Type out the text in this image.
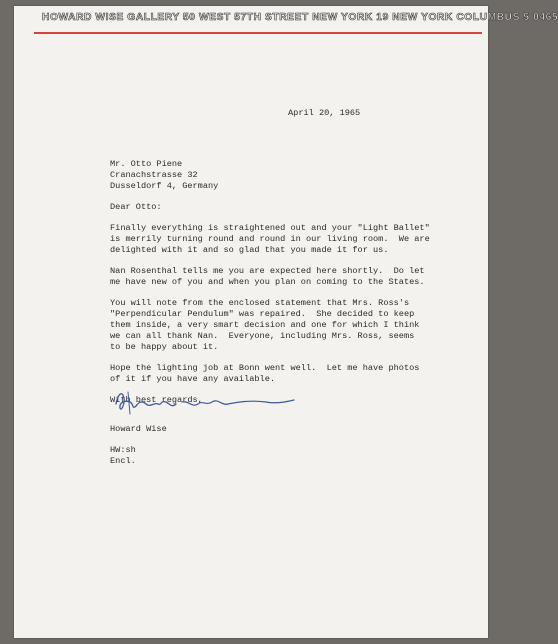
HOWARD WISE GALLERY 50 WEST 57TH STREET NEW YORK 19 NEW YORK COLUMBUS 5 0465

April 20, 1965

Mr. Otto Piene

Cranachstrasse 32

Dusseldorf 4, Germany

Dear Otto:

Finally everything is straightened out and your "Light Ballet"

is merrily turning round and round in our living room.  We are

delighted with it and so glad that you made it for us.

Nan Rosenthal tells me you are expected here shortly.  Do let

me have new of you and when you plan on coming to the States.

You will note from the enclosed statement that Mrs. Ross's

"Perpendicular Pendulum" was repaired.  She decided to keep

them inside, a very smart decision and one for which I think

we can all thank Nan.  Everyone, including Mrs. Ross, seems

to be happy about it.

Hope the lighting job at Bonn went well.  Let me have photos

of it if you have any available.

With best regards,

Howard Wise

HW:sh

Encl.
